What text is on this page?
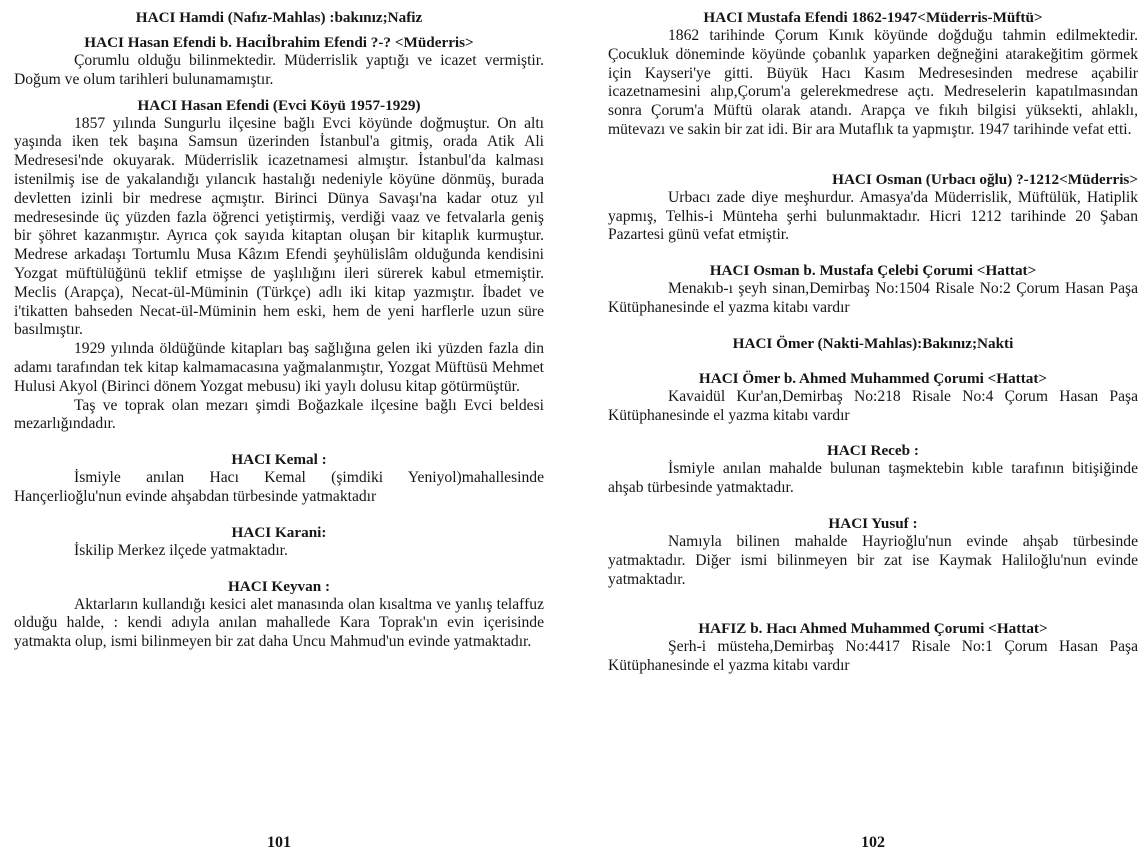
HACI Hamdi (Nafız-Mahlas) :bakınız;Nafiz
HACI Hasan Efendi b. Hacıİbrahim Efendi ?-? <Müderris>

Çorumlu olduğu bilinmektedir. Müderrislik yaptığı ve icazet vermiştir. Doğum ve olum tarihleri bulunamamıştır.

HACI Hasan Efendi (Evci Köyü 1957-1929)

1857 yılında Sungurlu ilçesine bağlı Evci köyünde doğmuştur. On altı yaşında iken tek başına Samsun üzerinden İstanbul'a gitmiş, orada Atik Ali Medresesi'nde okuyarak. Müderrislik icazetnamesi almıştır. İstanbul'da kalması istenilmiş ise de yakalandığı yılancık hastalığı nedeniyle köyüne dönmüş, burada devletten izinli bir medrese açmıştır. Birinci Dünya Savaşı'na kadar otuz yıl medresesinde üç yüzden fazla öğrenci yetiştirmiş, verdiği vaaz ve fetvalarla geniş bir şöhret kazanmıştır. Ayrıca çok sayıda kitaptan oluşan bir kitaplık kurmuştur. Medrese arkadaşı Tortumlu Musa Kâzım Efendi şeyhülislâm olduğunda kendisini Yozgat müftülüğünü teklif etmişse de yaşlılığını ileri sürerek kabul etmemiştir. Meclis (Arapça), Necat-ül-Müminin (Türkçe) adlı iki kitap yazmıştır. İbadet ve i'tikatten bahseden Necat-ül-Müminin hem eski, hem de yeni harflerle uzun süre basılmıştır.

1929 yılında öldüğünde kitapları baş sağlığına gelen iki yüzden fazla din adamı tarafından tek kitap kalmamacasına yağmalanmıştır, Yozgat Müftüsü Mehmet Hulusi Akyol (Birinci dönem Yozgat mebusu) iki yaylı dolusu kitap götürmüştür.

Taş ve toprak olan mezarı şimdi Boğazkale ilçesine bağlı Evci beldesi mezarlığındadır.

HACI Kemal :

İsmiyle anılan Hacı Kemal (şimdiki Yeniyol)mahallesinde Hançerlioğlu'nun evinde ahşabdan türbesinde yatmaktadır

HACI Karani:

İskilip Merkez ilçede yatmaktadır.

HACI Keyvan :

Aktarların kullandığı kesici alet manasında olan kısaltma ve yanlış telaffuz olduğu halde, : kendi adıyla anılan mahallede Kara Toprak'ın evin içerisinde yatmakta olup, ismi bilinmeyen bir zat daha Uncu Mahmud'un evinde yatmaktadır.

101
HACI Mustafa Efendi 1862-1947<Müderris-Müftü>

1862 tarihinde Çorum Kınık köyünde doğduğu tahmin edilmektedir. Çocukluk döneminde köyünde çobanlık yaparken değneğini atarakeğitim görmek için Kayseri'ye gitti. Büyük Hacı Kasım Medresesinden medrese açabilir icazetnamesini alıp,Çorum'a gelerekmedrese açtı. Medreselerin kapatılmasından sonra Çorum'a Müftü olarak atandı. Arapça ve fıkıh bilgisi yüksekti, ahlaklı, mütevazı ve sakin bir zat idi. Bir ara Mutaflık ta yapmıştır. 1947 tarihinde vefat etti.

HACI Osman (Urbacı oğlu) ?-1212<Müderris>

Urbacı zade diye meşhurdur. Amasya'da Müderrislik, Müftülük, Hatiplik yapmış, Telhis-i Münteha şerhi bulunmaktadır. Hicri 1212 tarihinde 20 Şaban Pazartesi günü vefat etmiştir.

HACI Osman b. Mustafa Çelebi Çorumi <Hattat>

Menakıb-ı şeyh sinan,Demirbaş No:1504 Risale No:2 Çorum Hasan Paşa Kütüphanesinde el yazma kitabı vardır

HACI Ömer (Nakti-Mahlas):Bakınız;Nakti
HACI Ömer b. Ahmed Muhammed Çorumi <Hattat>

Kavaidül Kur'an,Demirbaş No:218 Risale No:4 Çorum Hasan Paşa Kütüphanesinde el yazma kitabı vardır

HACI Receb :

İsmiyle anılan mahalde bulunan taşmektebin kıble tarafının bitişiğinde ahşab türbesinde yatmaktadır.

HACI Yusuf :

Namıyla bilinen mahalde Hayrioğlu'nun evinde ahşab türbesinde yatmaktadır. Diğer ismi bilinmeyen bir zat ise Kaymak Haliloğlu'nun evinde yatmaktadır.

HAFIZ b. Hacı Ahmed Muhammed Çorumi <Hattat>

Şerh-i müsteha,Demirbaş No:4417 Risale No:1 Çorum Hasan Paşa Kütüphanesinde el yazma kitabı vardır

102
